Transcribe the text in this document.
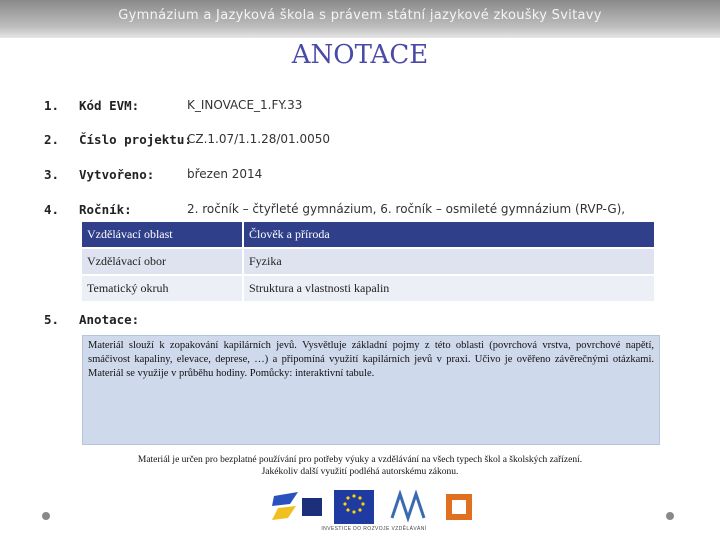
Gymnázium a Jazyková škola s právem státní jazykové zkoušky Svitavy
ANOTACE
1. Kód EVM:	K_INOVACE_1.FY.33
2. Číslo projektu:
CZ.1.07/1.1.28/01.0050
3. Vytvořeno:	březen 2014
4. Ročník:	2. ročník – čtyřleté gymnázium, 6. ročník – osmileté gymnázium (RVP-G),
Vzdělávací oblast	Člověk a příroda
Vzdělávací obor	Fyzika
Tematický okruh	Struktura a vlastnosti kapalin
5. Anotace:
Materiál slouží k zopakování kapilárních jevů. Vysvětluje základní pojmy z této oblasti (povrchová vrstva, povrchové napětí, smáčivost kapaliny, elevace, deprese, …) a připomíná využití kapilárních jevů v praxi. Učivo je ověřeno závěrečnými otázkami. Materiál se využije v průběhu hodiny. Pomůcky: interaktivní tabule.
Materiál je určen pro bezplatné používání pro potřeby výuky a vzdělávání na všech typech škol a školských zařízení.
Jakékoliv další využití podléhá autorskému zákonu.
INVESTICE DO ROZVOJE VZDĚLÁVÁNÍ
